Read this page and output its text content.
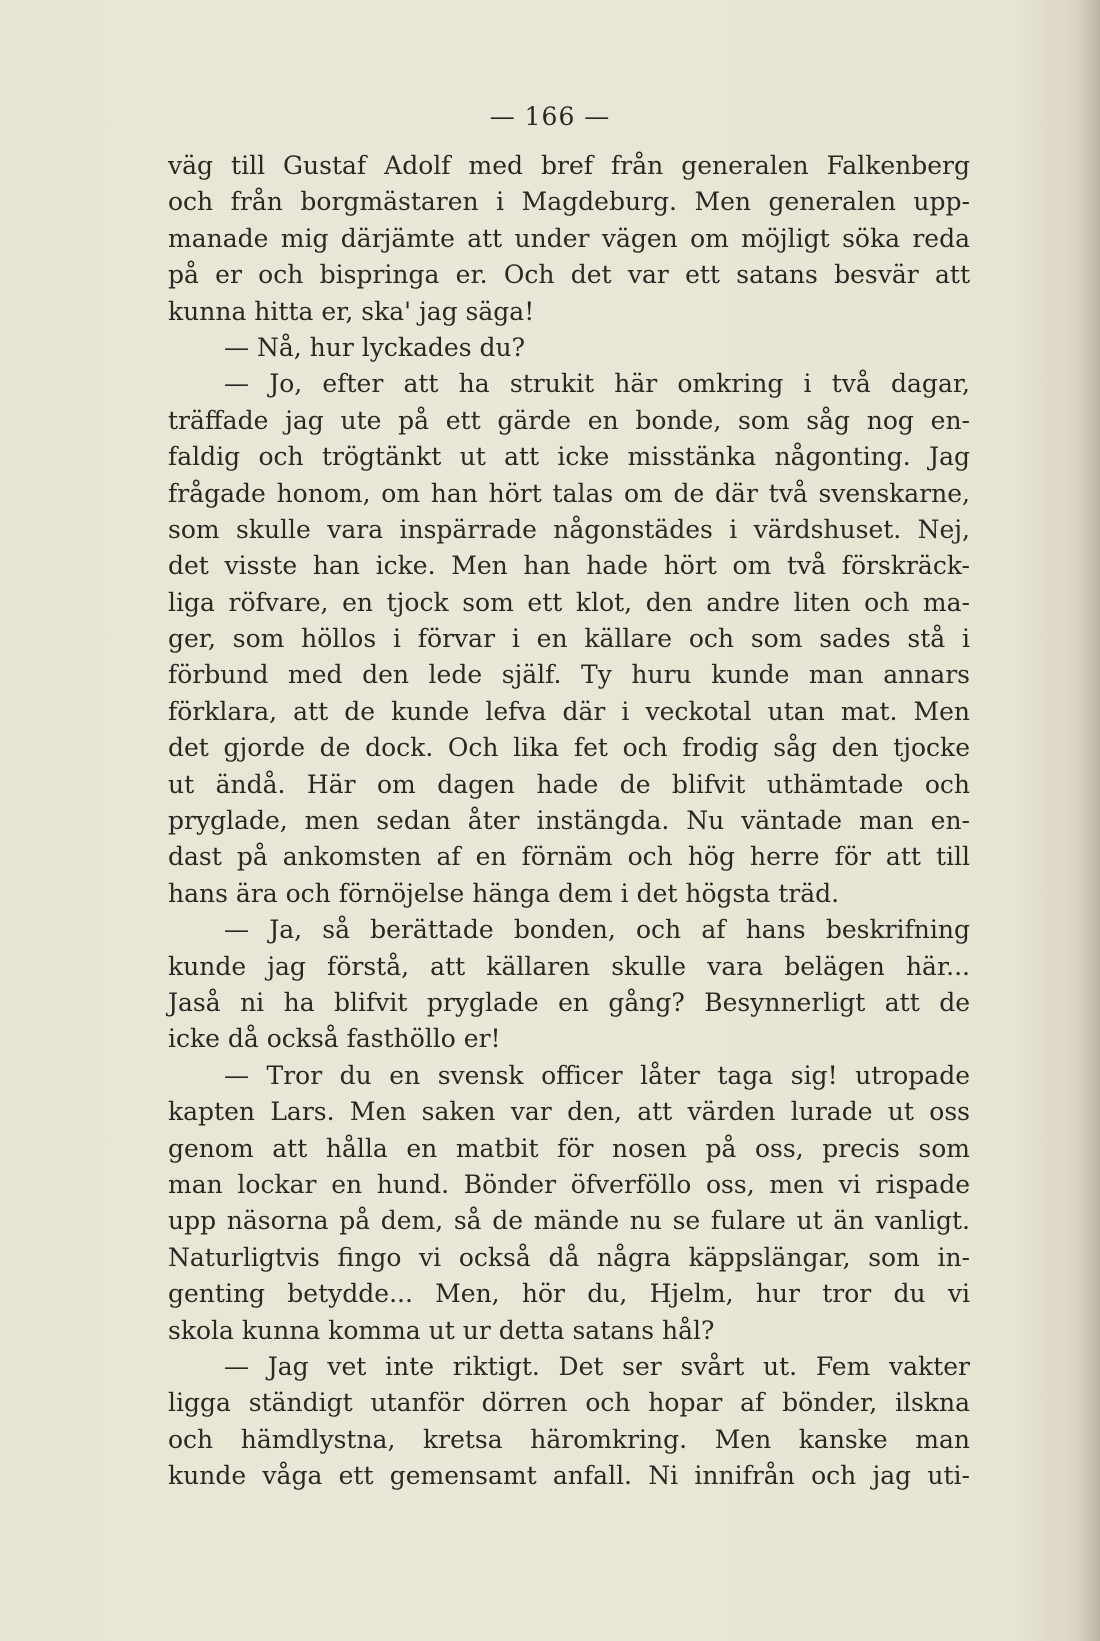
— 166 —
väg till Gustaf Adolf med bref från generalen Falkenberg
och från borgmästaren i Magdeburg. Men generalen upp-
manade mig därjämte att under vägen om möjligt söka reda
på er och bispringa er. Och det var ett satans besvär att
kunna hitta er, ska' jag säga!
— Nå, hur lyckades du?
— Jo, efter att ha strukit här omkring i två dagar,
träffade jag ute på ett gärde en bonde, som såg nog en-
faldig och trögtänkt ut att icke misstänka någonting. Jag
frågade honom, om han hört talas om de där två svenskarne,
som skulle vara inspärrade någonstädes i värdshuset. Nej,
det visste han icke. Men han hade hört om två förskräck-
liga röfvare, en tjock som ett klot, den andre liten och ma-
ger, som höllos i förvar i en källare och som sades stå i
förbund med den lede själf. Ty huru kunde man annars
förklara, att de kunde lefva där i veckotal utan mat. Men
det gjorde de dock. Och lika fet och frodig såg den tjocke
ut ändå. Här om dagen hade de blifvit uthämtade och
pryglade, men sedan åter instängda. Nu väntade man en-
dast på ankomsten af en förnäm och hög herre för att till
hans ära och förnöjelse hänga dem i det högsta träd.
— Ja, så berättade bonden, och af hans beskrifning
kunde jag förstå, att källaren skulle vara belägen här...
Jaså ni ha blifvit pryglade en gång? Besynnerligt att de
icke då också fasthöllo er!
— Tror du en svensk officer låter taga sig! utropade
kapten Lars. Men saken var den, att värden lurade ut oss
genom att hålla en matbit för nosen på oss, precis som
man lockar en hund. Bönder öfverföllo oss, men vi rispade
upp näsorna på dem, så de mände nu se fulare ut än vanligt.
Naturligtvis fingo vi också då några käppslängar, som in-
genting betydde... Men, hör du, Hjelm, hur tror du vi
skola kunna komma ut ur detta satans hål?
— Jag vet inte riktigt. Det ser svårt ut. Fem vakter
ligga ständigt utanför dörren och hopar af bönder, ilskna
och hämdlystna, kretsa häromkring. Men kanske man
kunde våga ett gemensamt anfall. Ni innifrån och jag uti-
